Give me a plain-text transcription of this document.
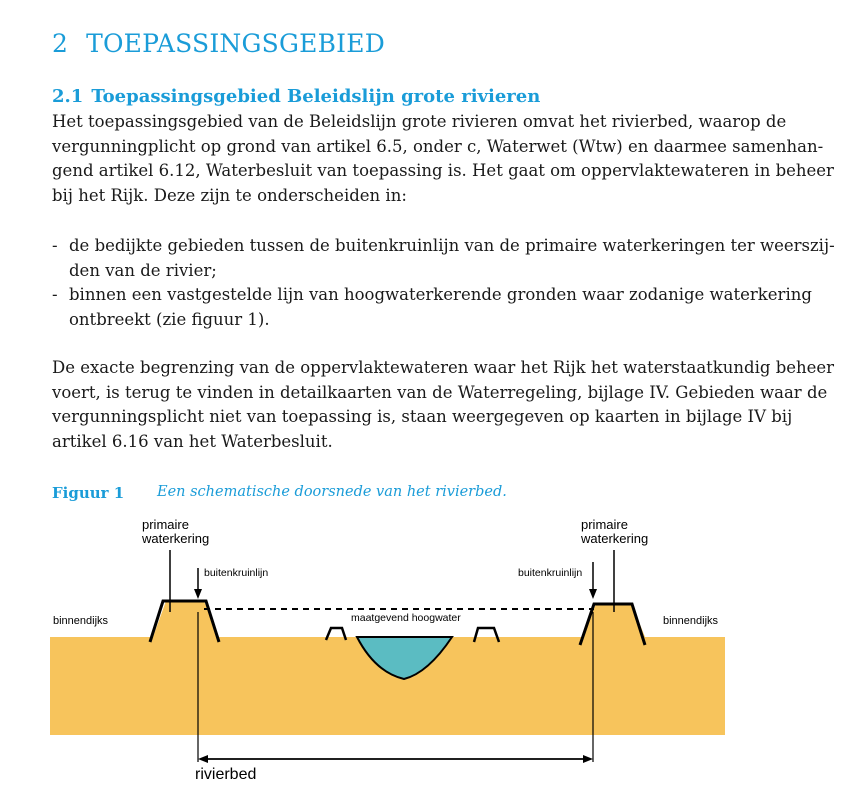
2 TOEPASSINGSGEBIED
2.1 Toepassingsgebied Beleidslijn grote rivieren

Het toepassingsgebied van de Beleidslijn grote rivieren omvat het rivierbed, waarop de
vergunningplicht op grond van artikel 6.5, onder c, Waterwet (Wtw) en daarmee samenhan-
gend artikel 6.12, Waterbesluit van toepassing is. Het gaat om oppervlaktewateren in beheer
bij het Rijk. Deze zijn te onderscheiden in:

- de bedijkte gebieden tussen de buitenkruinlijn van de primaire waterkeringen ter weerszij-
den van de rivier;
- binnen een vastgestelde lijn van hoogwaterkerende gronden waar zodanige waterkering
ontbreekt (zie figuur 1).

De exacte begrenzing van de oppervlaktewateren waar het Rijk het waterstaatkundig beheer
voert, is terug te vinden in detailkaarten van de Waterregeling, bijlage IV. Gebieden waar de
vergunningsplicht niet van toepassing is, staan weergegeven op kaarten in bijlage IV bij
artikel 6.16 van het Waterbesluit.

Figuur 1 Een schematische doorsnede van het rivierbed.

primaire
waterkering
primaire
waterkering
buitenkruinlijn	buitenkruinlijn
binnendijks	binnendijks
maatgevend hoogwater
rivierbed
